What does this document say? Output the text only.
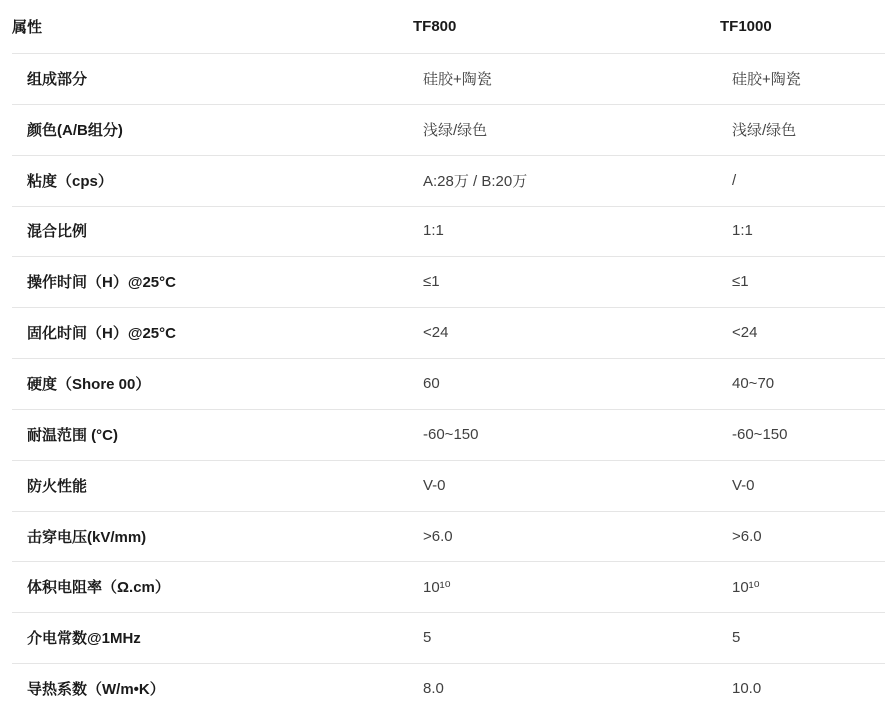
属性	TF800	TF1000
组成部分	硅胶+陶瓷	硅胶+陶瓷
颜色(A/B组分)	浅绿/绿色	浅绿/绿色
粘度（cps）	A:28万 / B:20万	/
混合比例	1:1	1:1
操作时间（H）@25°C	≤1	≤1
固化时间（H）@25°C	<24	<24
硬度（Shore 00）	60	40~70
耐温范围 (°C)	-60~150	-60~150
防火性能	V-0	V-0
击穿电压(kV/mm)	>6.0	>6.0
体积电阻率（Ω.cm）	10¹⁰	10¹⁰
介电常数@1MHz	5	5
导热系数（W/m•K）	8.0	10.0
